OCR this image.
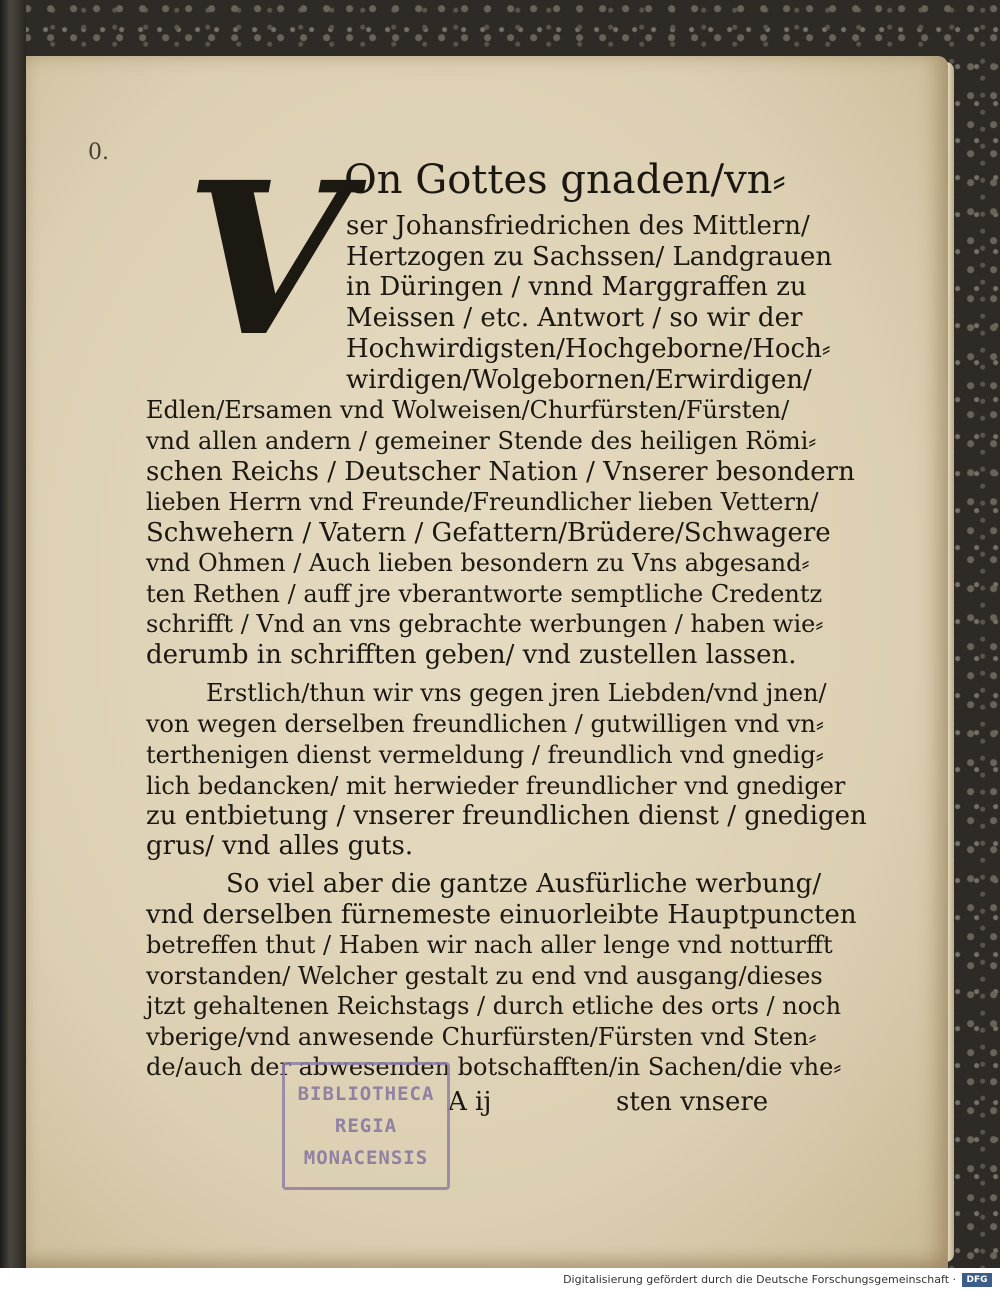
0. V On Gottes gnaden/vn⸗
ser Johansfriedrichen des Mittlern/
Hertzogen zu Sachssen/ Landgrauen
in Düringen / vnnd Marggraffen zu
Meissen / etc. Antwort / so wir der
Hochwirdigsten/Hochgeborne/Hoch⸗
wirdigen/Wolgebornen/Erwirdigen/
Edlen/Ersamen vnd Wolweisen/Churfürsten/Fürsten/
vnd allen andern / gemeiner Stende des heiligen Römi⸗
schen Reichs / Deutscher Nation / Vnserer besondern
lieben Herrn vnd Freunde/Freundlicher lieben Vettern/
Schwehern / Vatern / Gefattern/Brüdere/Schwagere
vnd Ohmen / Auch lieben besondern zu Vns abgesand⸗
ten Rethen / auff jre vberantworte semptliche Credentz
schrifft / Vnd an vns gebrachte werbungen / haben wie⸗
derumb in schrifften geben/ vnd zustellen lassen.
Erstlich/thun wir vns gegen jren Liebden/vnd jnen/
von wegen derselben freundlichen / gutwilligen vnd vn⸗
terthenigen dienst vermeldung / freundlich vnd gnedig⸗
lich bedancken/ mit herwieder freundlicher vnd gnediger
zu entbietung / vnserer freundlichen dienst / gnedigen
grus/ vnd alles guts.
So viel aber die gantze Ausfürliche werbung/
vnd derselben fürnemeste einuorleibte Hauptpuncten
betreffen thut / Haben wir nach aller lenge vnd notturfft
vorstanden/ Welcher gestalt zu end vnd ausgang/dieses
jtzt gehaltenen Reichstags / durch etliche des orts / noch
vberige/vnd anwesende Churfürsten/Fürsten vnd Sten⸗
de/auch der abwesenden botschafften/in Sachen/die vhe⸗
A ij	sten vnsere
BIBLIOTHECA
REGIA
MONACENSIS
Digitalisierung gefördert durch die Deutsche Forschungsgemeinschaft ·	DFG
